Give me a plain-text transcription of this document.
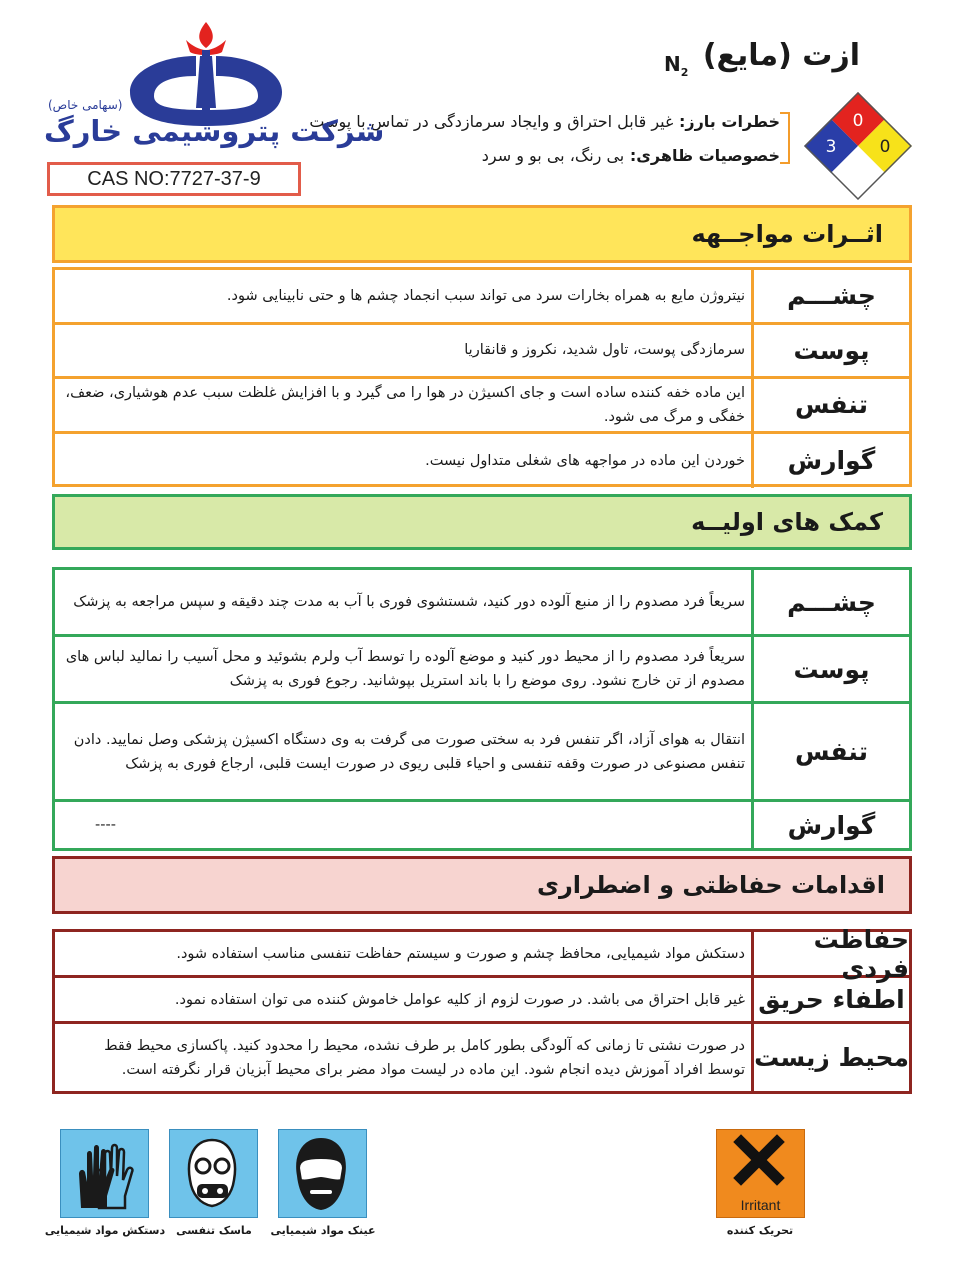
ازت (مایع)
$N_2$
0
3	0
خطرات بارز: غیر قابل احتراق و وایجاد سرمازدگی در تماس با پوست
خصوصیات ظاهری: بی رنگ، بی بو و سرد
(سهامی خاص)
شرکت پتروشیمی خارگ
CAS NO:7727-37-9
اثــرات مواجــهه
چشـــم
نیتروژن مایع به همراه بخارات سرد می تواند سبب انجماد چشم ها و حتی نابینایی شود.
پوست
سرمازدگی پوست، تاول شدید، نکروز و قانقاریا
تنفس
این ماده خفه کننده ساده است و جای اکسیژن در هوا را می گیرد و با افزایش غلظت سبب عدم هوشیاری، ضعف، خفگی و مرگ می شود.
گوارش
خوردن این ماده در مواجهه های شغلی متداول نیست.
کمک های اولیــه
چشـــم
سریعاً فرد مصدوم را از منبع آلوده دور کنید، شستشوی فوری با آب به مدت چند دقیقه و سپس مراجعه به پزشک
پوست
سریعاً فرد مصدوم را از محیط دور کنید و موضع آلوده را توسط آب ولرم بشوئید و محل آسیب را نمالید لباس های مصدوم از تن خارج نشود. روی موضع را با باند استریل بپوشانید. رجوع فوری به پزشک
تنفس
انتقال به هوای آزاد، اگر تنفس فرد به سختی صورت می گرفت به وی دستگاه اکسیژن پزشکی وصل نمایید. دادن تنفس مصنوعی در صورت وقفه تنفسی و احیاء قلبی ریوی در صورت ایست قلبی، ارجاع فوری به پزشک
گوارش
----
اقدامات حفاظتی و اضطراری
حفاظت فردی
دستکش مواد شیمیایی، محافظ چشم و صورت و سیستم حفاظت تنفسی مناسب استفاده شود.
اطفاء حریق
غیر قابل احتراق می باشد. در صورت لزوم از کلیه عوامل خاموش کننده می توان استفاده نمود.
محیط زیست
در صورت نشتی تا زمانی که آلودگی بطور کامل بر طرف نشده، محیط را محدود کنید. پاکسازی محیط فقط توسط افراد آموزش دیده انجام شود. این ماده در لیست مواد مضر برای محیط آبزیان قرار نگرفته است.
دستکش مواد شیمیایی	ماسک تنفسی	عینک مواد شیمیایی
Irritant
تحریک کننده
